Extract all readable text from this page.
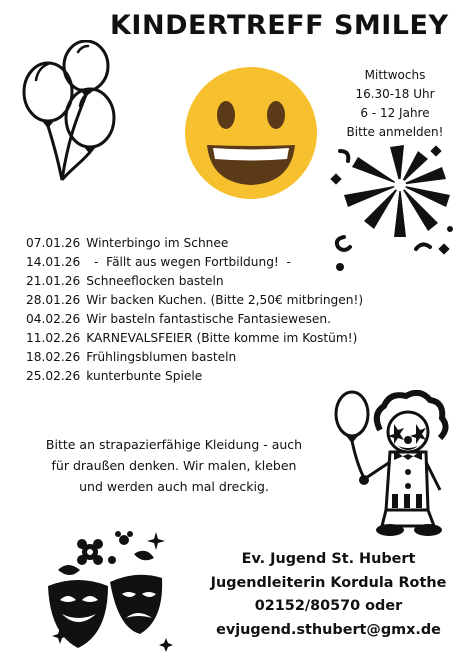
KINDERTREFF SMILEY
Mittwochs
16.30-18 Uhr
6 - 12 Jahre
Bitte anmelden!
07.01.26 Winterbingo im Schnee
14.01.26  -  Fällt aus wegen Fortbildung!  -
21.01.26 Schneeflocken basteln
28.01.26 Wir backen Kuchen. (Bitte 2,50€ mitbringen!)
04.02.26 Wir basteln fantastische Fantasiewesen.
11.02.26 KARNEVALSFEIER (Bitte komme im Kostüm!)
18.02.26 Frühlingsblumen basteln
25.02.26 kunterbunte Spiele
Bitte an strapazierfähige Kleidung - auch
für draußen denken. Wir malen, kleben
und werden auch mal dreckig.
Ev. Jugend St. Hubert
Jugendleiterin Kordula Rothe
02152/80570 oder
evjugend.sthubert@gmx.de
